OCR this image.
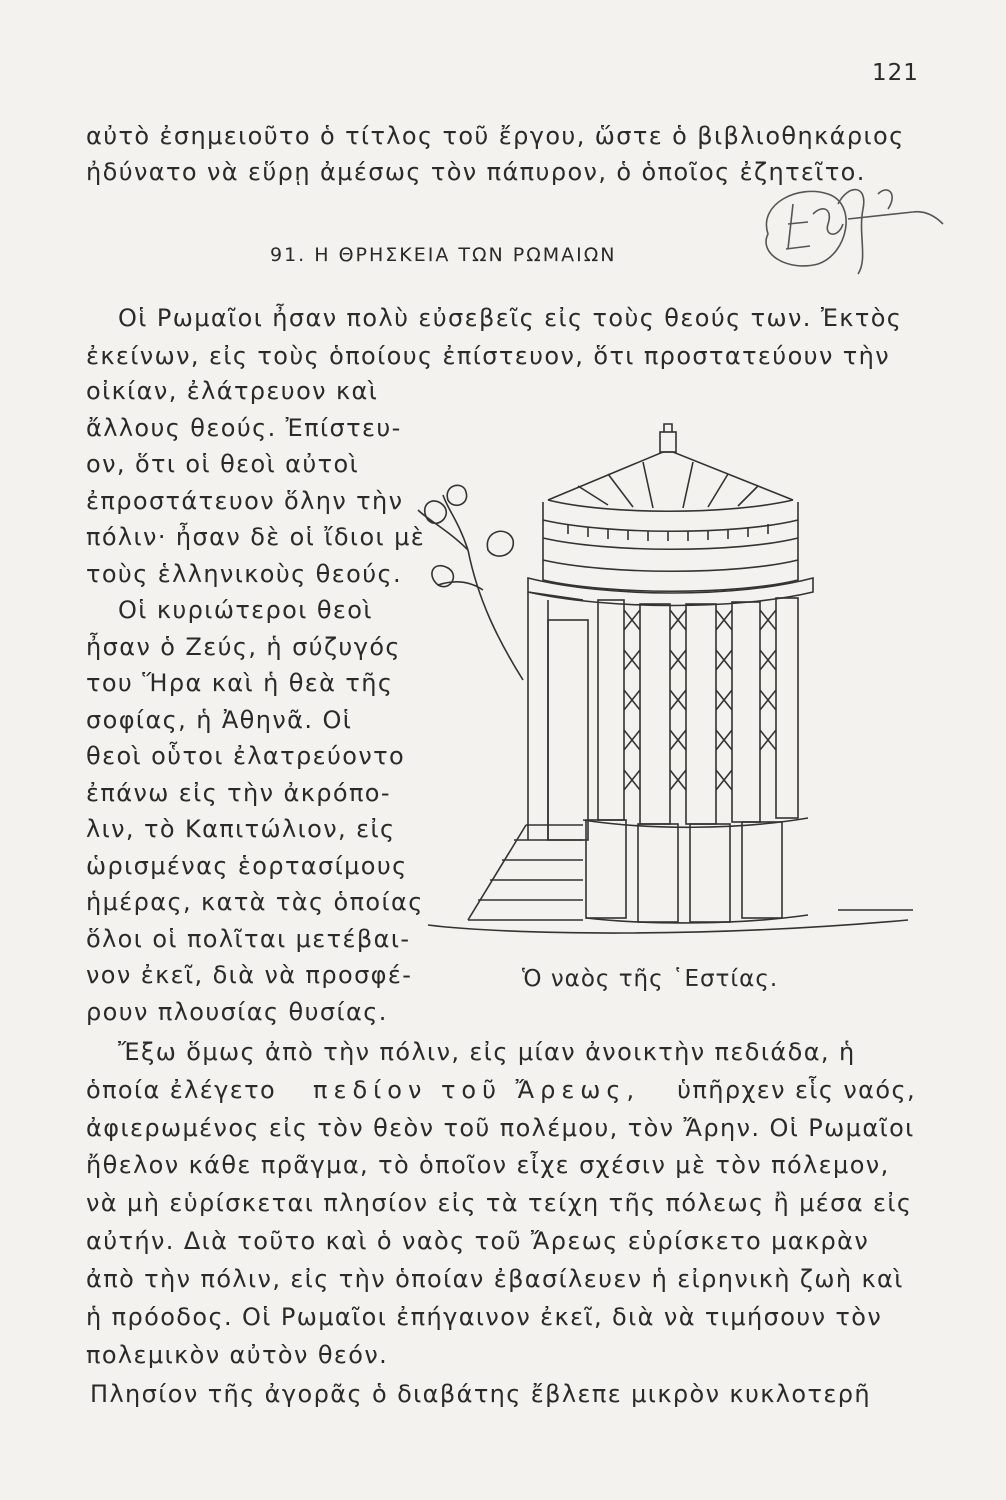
121
αὐτὸ ἐσημειοῦτο ὁ τίτλος τοῦ ἔργου, ὥστε ὁ βιβλιοθηκάριος
ἠδύνατο νὰ εὕρῃ ἀμέσως τὸν πάπυρον, ὁ ὁποῖος ἐζητεῖτο.
91. Η ΘΡΗΣΚΕΙΑ ΤΩΝ ΡΩΜΑΙΩΝ
Οἱ Ρωμαῖοι ἦσαν πολὺ εὐσεβεῖς εἰς τοὺς θεούς των. Ἐκτὸς
ἐκείνων, εἰς τοὺς ὁποίους ἐπίστευον, ὅτι προστατεύουν τὴν
οἰκίαν, ἐλάτρευον καὶ
ἄλλους θεούς. Ἐπίστευ-
ον, ὅτι οἱ θεοὶ αὐτοὶ
ἐπροστάτευον ὅλην τὴν
πόλιν· ἦσαν δὲ οἱ ἴδιοι μὲ
τοὺς ἑλληνικοὺς θεούς.
Οἱ κυριώτεροι θεοὶ
ἦσαν ὁ Ζεύς, ἡ σύζυγός
του Ἥρα καὶ ἡ θεὰ τῆς
σοφίας, ἡ Ἀθηνᾶ. Οἱ
θεοὶ οὗτοι ἐλατρεύοντο
ἐπάνω εἰς τὴν ἀκρόπο-
λιν, τὸ Καπιτώλιον, εἰς
ὡρισμένας ἑορτασίμους
ἡμέρας, κατὰ τὰς ὁποίας
ὅλοι οἱ πολῖται μετέβαι-
νον ἐκεῖ, διὰ νὰ προσφέ-
ρουν πλουσίας θυσίας.
Ἔξω ὅμως ἀπὸ τὴν πόλιν, εἰς μίαν ἀνοικτὴν πεδιάδα, ἡ
ὁποία ἐλέγετο πεδίον τοῦ Ἄρεως, ὑπῆρχεν εἷς ναός,
ἀφιερωμένος εἰς τὸν θεὸν τοῦ πολέμου, τὸν Ἄρην. Οἱ Ρωμαῖοι
ἤθελον κάθε πρᾶγμα, τὸ ὁποῖον εἶχε σχέσιν μὲ τὸν πόλεμον,
νὰ μὴ εὑρίσκεται πλησίον εἰς τὰ τείχη τῆς πόλεως ἢ μέσα εἰς
αὐτήν. Διὰ τοῦτο καὶ ὁ ναὸς τοῦ Ἄρεως εὑρίσκετο μακρὰν
ἀπὸ τὴν πόλιν, εἰς τὴν ὁποίαν ἐβασίλευεν ἡ εἰρηνικὴ ζωὴ καὶ
ἡ πρόοδος. Οἱ Ρωμαῖοι ἐπήγαινον ἐκεῖ, διὰ νὰ τιμήσουν τὸν
πολεμικὸν αὐτὸν θεόν.
Πλησίον τῆς ἀγορᾶς ὁ διαβάτης ἔβλεπε μικρὸν κυκλοτερῆ
Ὁ ναὸς τῆς ῾Εστίας.
